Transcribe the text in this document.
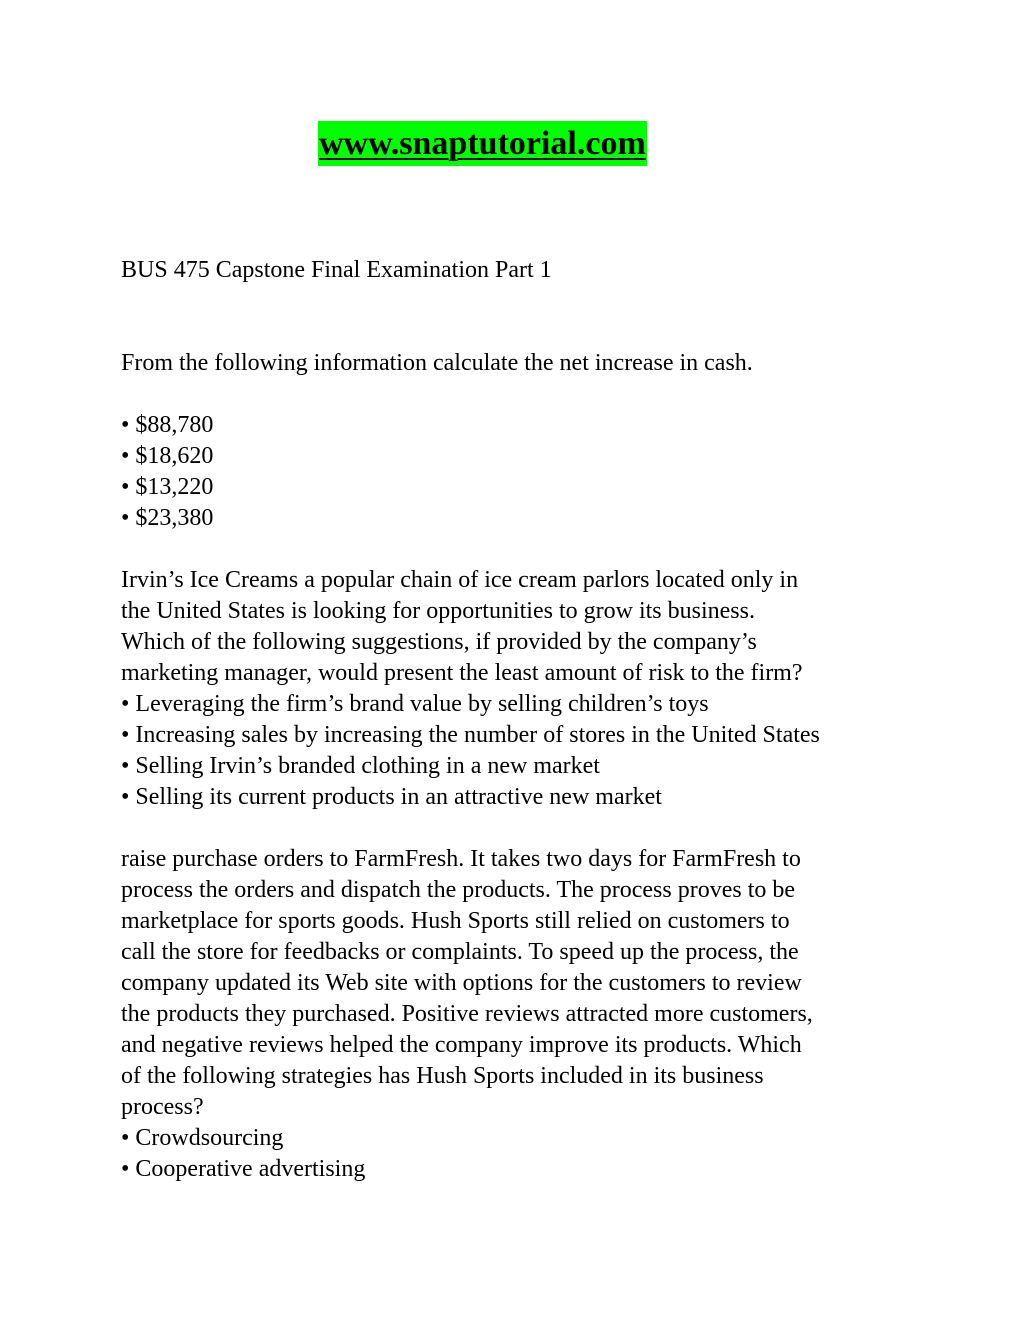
www.snaptutorial.com

BUS 475 Capstone Final Examination Part 1

From the following information calculate the net increase in cash.

• $88,780

• $18,620

• $13,220

• $23,380

Irvin’s Ice Creams a popular chain of ice cream parlors located only in

the United States is looking for opportunities to grow its business.

Which of the following suggestions, if provided by the company’s

marketing manager, would present the least amount of risk to the firm?

• Leveraging the firm’s brand value by selling children’s toys

• Increasing sales by increasing the number of stores in the United States

• Selling Irvin’s branded clothing in a new market

• Selling its current products in an attractive new market

raise purchase orders to FarmFresh. It takes two days for FarmFresh to

process the orders and dispatch the products. The process proves to be

marketplace for sports goods. Hush Sports still relied on customers to

call the store for feedbacks or complaints. To speed up the process, the

company updated its Web site with options for the customers to review

the products they purchased. Positive reviews attracted more customers,

and negative reviews helped the company improve its products. Which

of the following strategies has Hush Sports included in its business

process?

• Crowdsourcing

• Cooperative advertising
